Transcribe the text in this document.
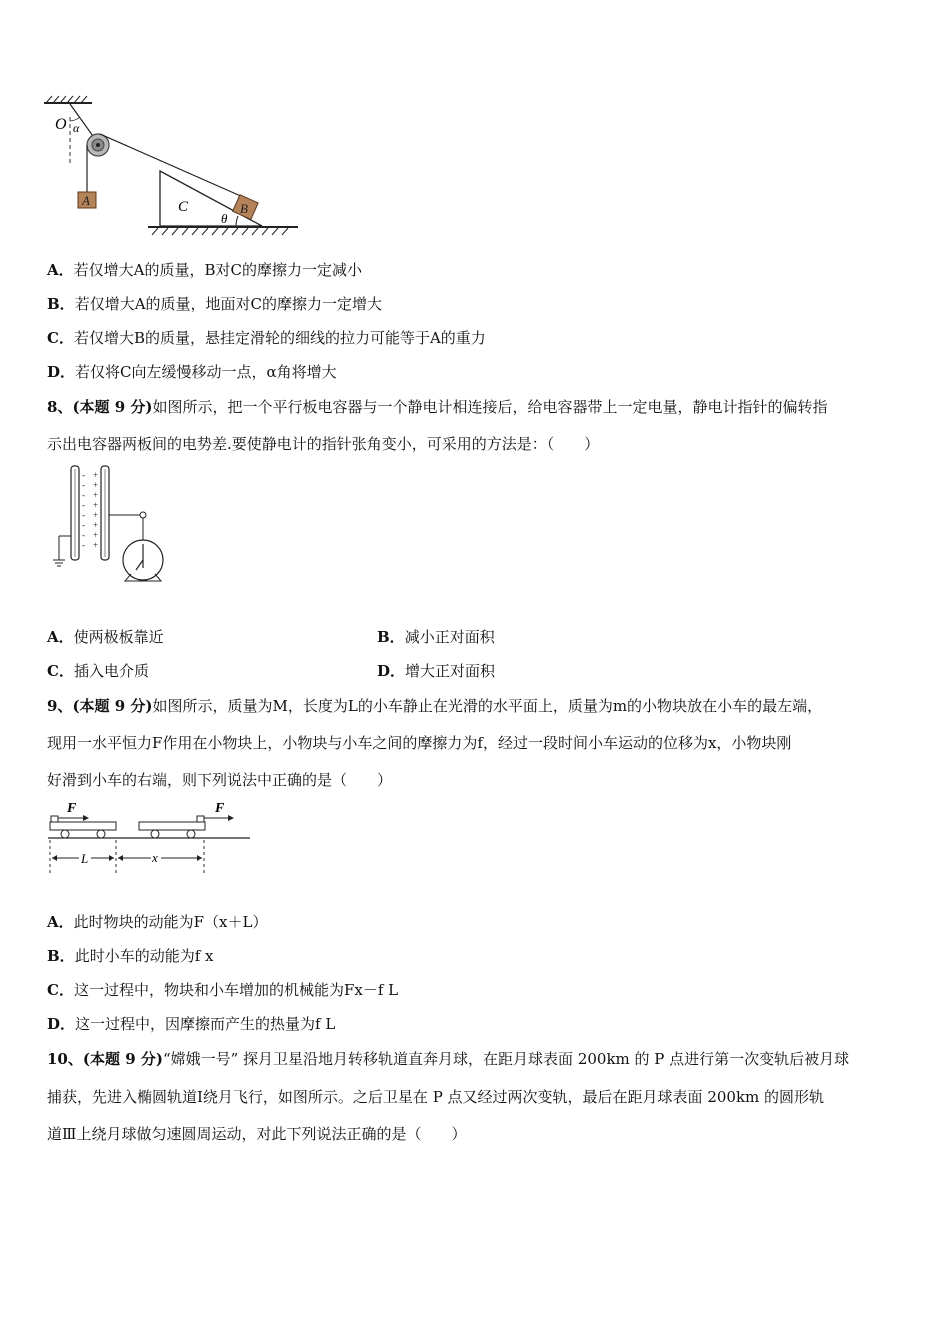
O α
A
B
C
θ
A．若仅增大A的质量，B对C的摩擦力一定减小
B．若仅增大A的质量，地面对C的摩擦力一定增大
C．若仅增大B的质量，悬挂定滑轮的细线的拉力可能等于A的重力
D．若仅将C向左缓慢移动一点，α角将增大
8、(本题 9 分)如图所示，把一个平行板电容器与一个静电计相连接后，给电容器带上一定电量，静电计指针的偏转指
示出电容器两板间的电势差.要使静电计的指针张角变小，可采用的方法是：（　　）
-
-
-
-
-
-
-
-
+
+
+
+
+
+
+
+
A．使两极板靠近	B．减小正对面积
C．插入电介质	D．增大正对面积
9、(本题 9 分)如图所示，质量为M，长度为L的小车静止在光滑的水平面上，质量为m的小物块放在小车的最左端，
现用一水平恒力F作用在小物块上，小物块与小车之间的摩擦力为f，经过一段时间小车运动的位移为x，小物块刚
好滑到小车的右端，则下列说法中正确的是（　　）
F	F
L	x
A．此时物块的动能为F（x＋L）
B．此时小车的动能为f x
C．这一过程中，物块和小车增加的机械能为Fx－f L
D．这一过程中，因摩擦而产生的热量为f L
10、(本题 9 分)“嫦娥一号” 探月卫星沿地月转移轨道直奔月球，在距月球表面 200km 的 P 点进行第一次变轨后被月球
捕获，先进入椭圆轨道Ⅰ绕月飞行，如图所示。之后卫星在 P 点又经过两次变轨，最后在距月球表面 200km 的圆形轨
道Ⅲ上绕月球做匀速圆周运动，对此下列说法正确的是（　　）
